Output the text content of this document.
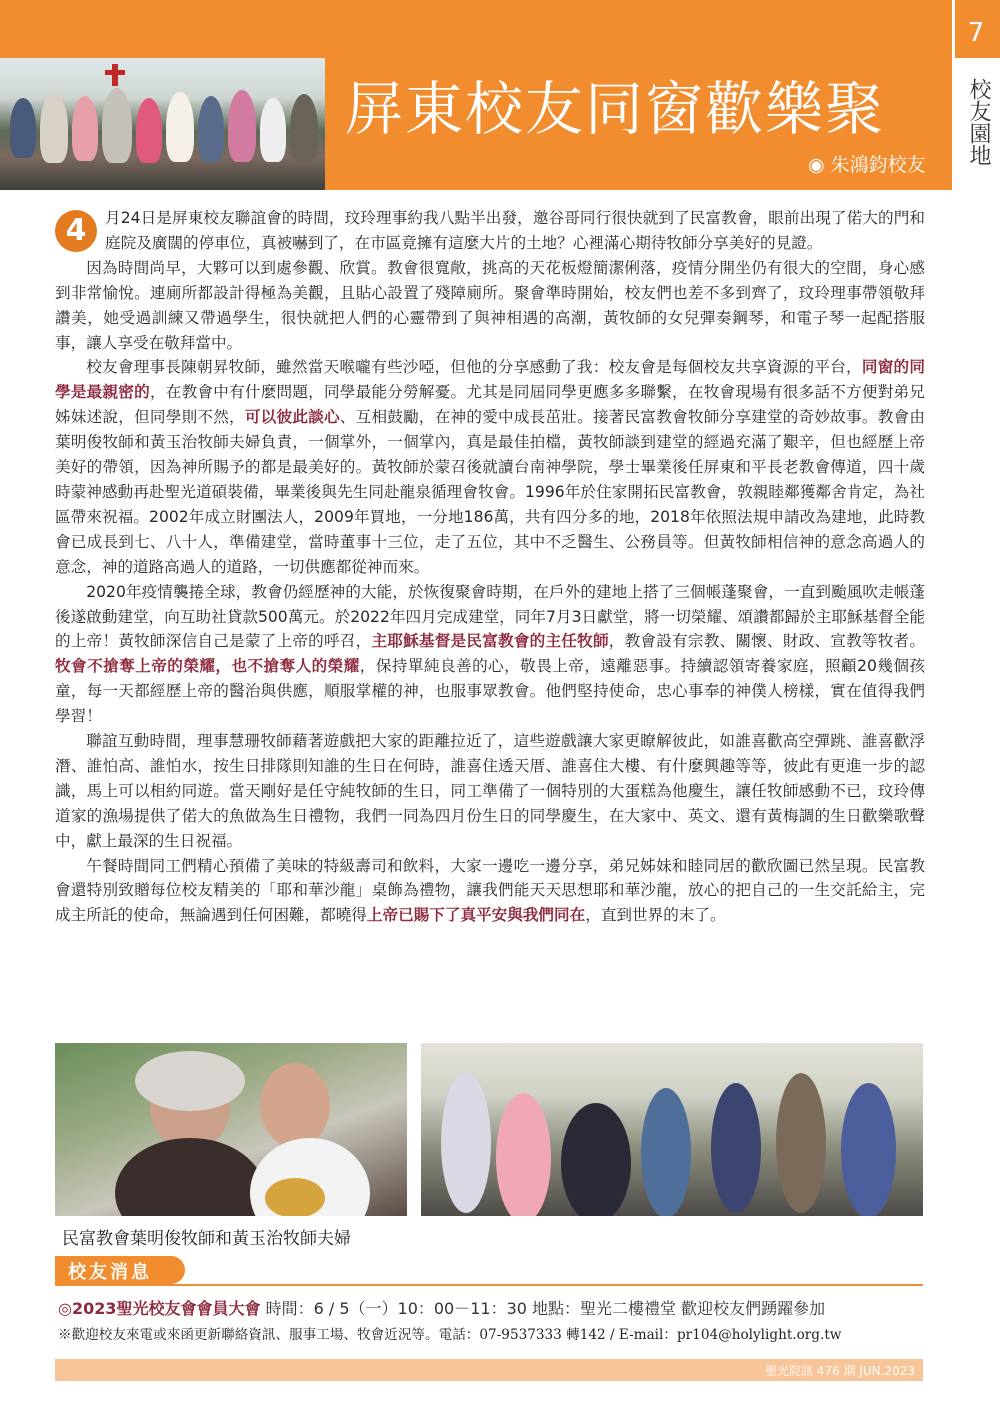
屏東校友同窗歡樂聚
◉ 朱鴻鈞校友
7
校友園地

4	月24日是屏東校友聯誼會的時間，玟玲理事約我八點半出發，邀谷哥同行很快就到了民富教會，眼前出現了偌大的門和庭院及廣闊的停車位，真被嚇到了，在市區竟擁有這麼大片的土地？心裡滿心期待牧師分享美好的見證。

因為時間尚早，大夥可以到處參觀、欣賞。教會很寬敞，挑高的天花板燈簡潔俐落，疫情分開坐仍有很大的空間，身心感到非常愉悅。連廁所都設計得極為美觀，且貼心設置了殘障廁所。聚會準時開始，校友們也差不多到齊了，玟玲理事帶領敬拜讚美，她受過訓練又帶過學生，很快就把人們的心靈帶到了與神相遇的高潮，黃牧師的女兒彈奏鋼琴，和電子琴一起配搭服事，讓人享受在敬拜當中。

校友會理事長陳朝昇牧師，雖然當天喉嚨有些沙啞，但他的分享感動了我：校友會是每個校友共享資源的平台，同窗的同學是最親密的，在教會中有什麼問題，同學最能分勞解憂。尤其是同屆同學更應多多聯繫，在牧會現場有很多話不方便對弟兄姊妹述說，但同學則不然，可以彼此談心、互相鼓勵，在神的愛中成長茁壯。接著民富教會牧師分享建堂的奇妙故事。教會由葉明俊牧師和黃玉治牧師夫婦負責，一個掌外，一個掌內，真是最佳拍檔，黃牧師談到建堂的經過充滿了艱辛，但也經歷上帝美好的帶領，因為神所賜予的都是最美好的。黃牧師於蒙召後就讀台南神學院，學士畢業後任屏東和平長老教會傳道，四十歲時蒙神感動再赴聖光道碩裝備，畢業後與先生同赴龍泉循理會牧會。1996年於住家開拓民富教會，敦親睦鄰獲鄰舍肯定，為社區帶來祝福。2002年成立財團法人，2009年買地，一分地186萬，共有四分多的地，2018年依照法規申請改為建地，此時教會已成長到七、八十人，準備建堂，當時董事十三位，走了五位，其中不乏醫生、公務員等。但黃牧師相信神的意念高過人的意念，神的道路高過人的道路，一切供應都從神而來。

2020年疫情襲捲全球，教會仍經歷神的大能，於恢復聚會時期，在戶外的建地上搭了三個帳蓬聚會，一直到颱風吹走帳蓬後遂啟動建堂，向互助社貸款500萬元。於2022年四月完成建堂，同年7月3日獻堂，將一切榮耀、頌讚都歸於主耶穌基督全能的上帝！黃牧師深信自己是蒙了上帝的呼召，主耶穌基督是民富教會的主任牧師，教會設有宗教、關懷、財政、宣教等牧者。牧會不搶奪上帝的榮耀，也不搶奪人的榮耀，保持單純良善的心，敬畏上帝，遠離惡事。持續認領寄養家庭，照顧20幾個孩童，每一天都經歷上帝的醫治與供應，順服掌權的神，也服事眾教會。他們堅持使命，忠心事奉的神僕人榜樣，實在值得我們學習！

聯誼互動時間，理事慧珊牧師藉著遊戲把大家的距離拉近了，這些遊戲讓大家更瞭解彼此，如誰喜歡高空彈跳、誰喜歡浮潛、誰怕高、誰怕水，按生日排隊則知誰的生日在何時，誰喜住透天厝、誰喜住大樓、有什麼興趣等等，彼此有更進一步的認識，馬上可以相約同遊。當天剛好是任守純牧師的生日，同工準備了一個特別的大蛋糕為他慶生，讓任牧師感動不已，玟玲傳道家的漁場提供了偌大的魚做為生日禮物，我們一同為四月份生日的同學慶生，在大家中、英文、還有黃梅調的生日歡樂歌聲中，獻上最深的生日祝福。

午餐時間同工們精心預備了美味的特級壽司和飲料，大家一邊吃一邊分享，弟兄姊妹和睦同居的歡欣圖已然呈現。民富教會還特別致贈每位校友精美的「耶和華沙龍」桌飾為禮物，讓我們能天天思想耶和華沙龍，放心的把自己的一生交託給主，完成主所託的使命，無論遇到任何困難，都曉得上帝已賜下了真平安與我們同在，直到世界的末了。

民富教會葉明俊牧師和黃玉治牧師夫婦
校友消息
◎2023聖光校友會會員大會 時間：6 / 5（一）10：00－11：30 地點：聖光二樓禮堂 歡迎校友們踴躍參加
※歡迎校友來電或來函更新聯絡資訊、服事工場、牧會近況等。電話：07-9537333 轉142 / E-mail：pr104@holylight.org.tw
聖光院訊 476 期 JUN.2023
